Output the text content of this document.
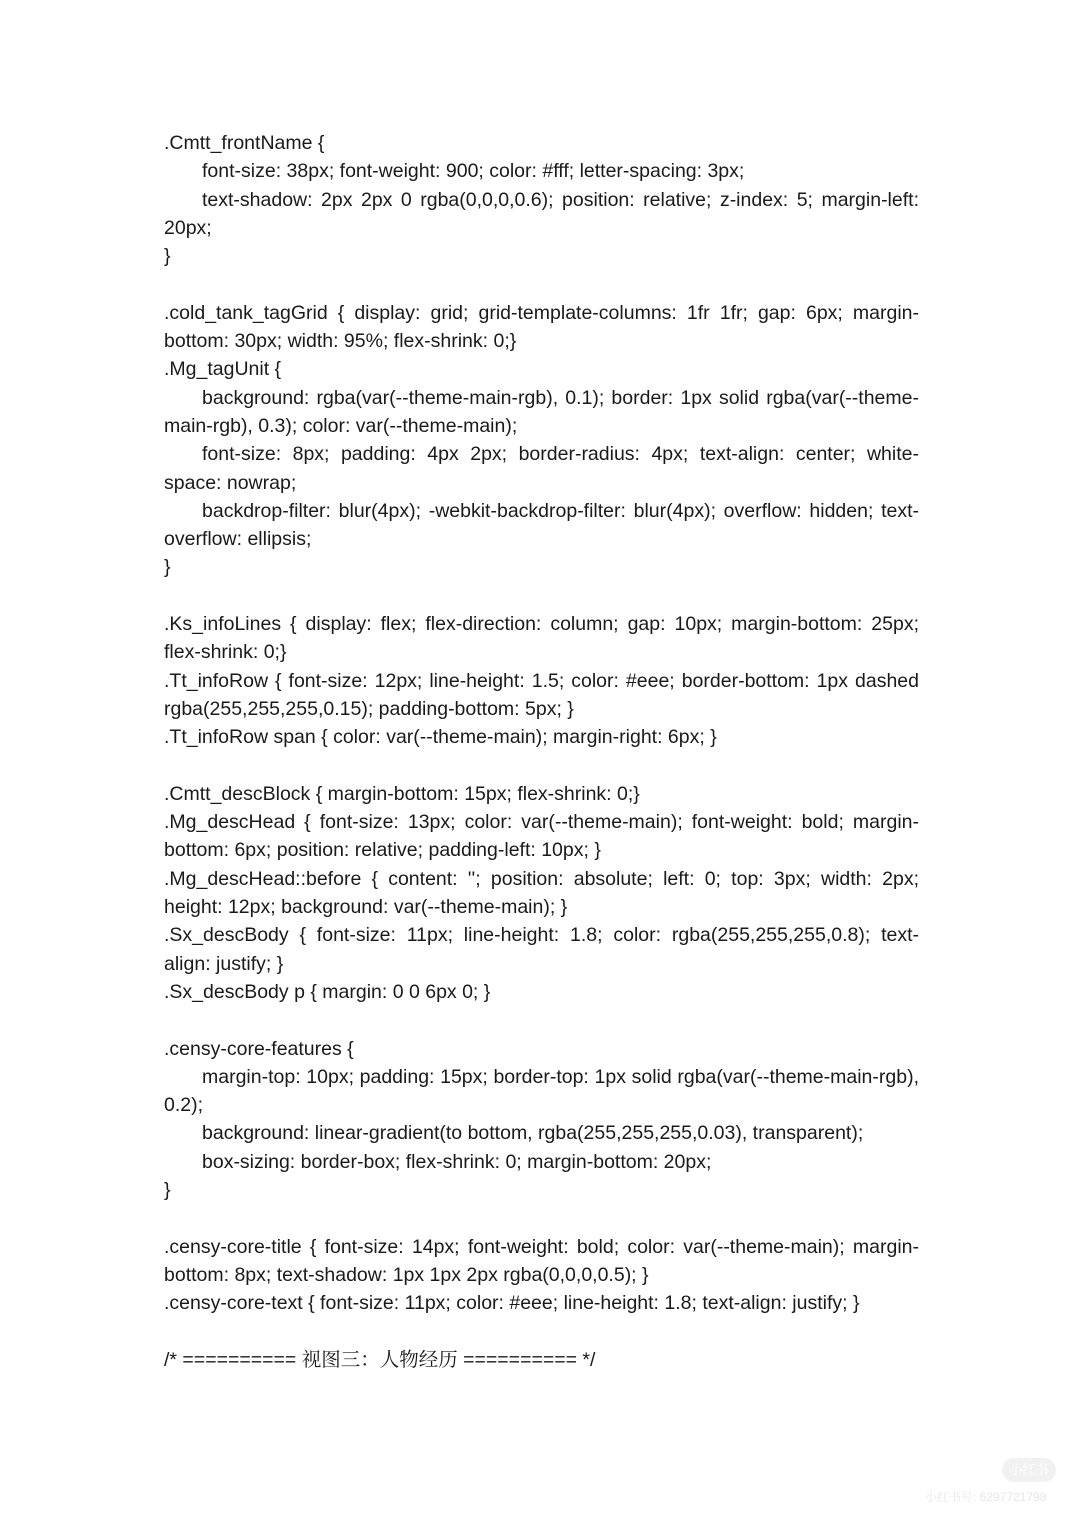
.Cmtt_frontName {

font-size: 38px; font-weight: 900; color: #fff; letter-spacing: 3px;

text-shadow: 2px 2px 0 rgba(0,0,0,0.6); position: relative; z-index: 5; margin-left: 20px;

}

.cold_tank_tagGrid { display: grid; grid-template-columns: 1fr 1fr; gap: 6px; margin-bottom: 30px; width: 95%; flex-shrink: 0;}

.Mg_tagUnit {

background: rgba(var(--theme-main-rgb), 0.1); border: 1px solid rgba(var(--theme-main-rgb), 0.3); color: var(--theme-main);

font-size: 8px; padding: 4px 2px; border-radius: 4px; text-align: center; white-space: nowrap;

backdrop-filter: blur(4px); -webkit-backdrop-filter: blur(4px); overflow: hidden; text-overflow: ellipsis;

}

.Ks_infoLines { display: flex; flex-direction: column; gap: 10px; margin-bottom: 25px; flex-shrink: 0;}

.Tt_infoRow { font-size: 12px; line-height: 1.5; color: #eee; border-bottom: 1px dashed rgba(255,255,255,0.15); padding-bottom: 5px; }

.Tt_infoRow span { color: var(--theme-main); margin-right: 6px; }

.Cmtt_descBlock { margin-bottom: 15px; flex-shrink: 0;}

.Mg_descHead { font-size: 13px; color: var(--theme-main); font-weight: bold; margin-bottom: 6px; position: relative; padding-left: 10px; }

.Mg_descHead::before { content: ''; position: absolute; left: 0; top: 3px; width: 2px; height: 12px; background: var(--theme-main); }

.Sx_descBody { font-size: 11px; line-height: 1.8; color: rgba(255,255,255,0.8); text-align: justify; }

.Sx_descBody p { margin: 0 0 6px 0; }

.censy-core-features {

margin-top: 10px; padding: 15px; border-top: 1px solid rgba(var(--theme-main-rgb), 0.2);

background: linear-gradient(to bottom, rgba(255,255,255,0.03), transparent);

box-sizing: border-box; flex-shrink: 0; margin-bottom: 20px;

}

.censy-core-title { font-size: 14px; font-weight: bold; color: var(--theme-main); margin-bottom: 8px; text-shadow: 1px 1px 2px rgba(0,0,0,0.5); }

.censy-core-text { font-size: 11px; color: #eee; line-height: 1.8; text-align: justify; }

/* ========== 视图三：人物经历 ========== */

小红书
小红书号: 6297721798
